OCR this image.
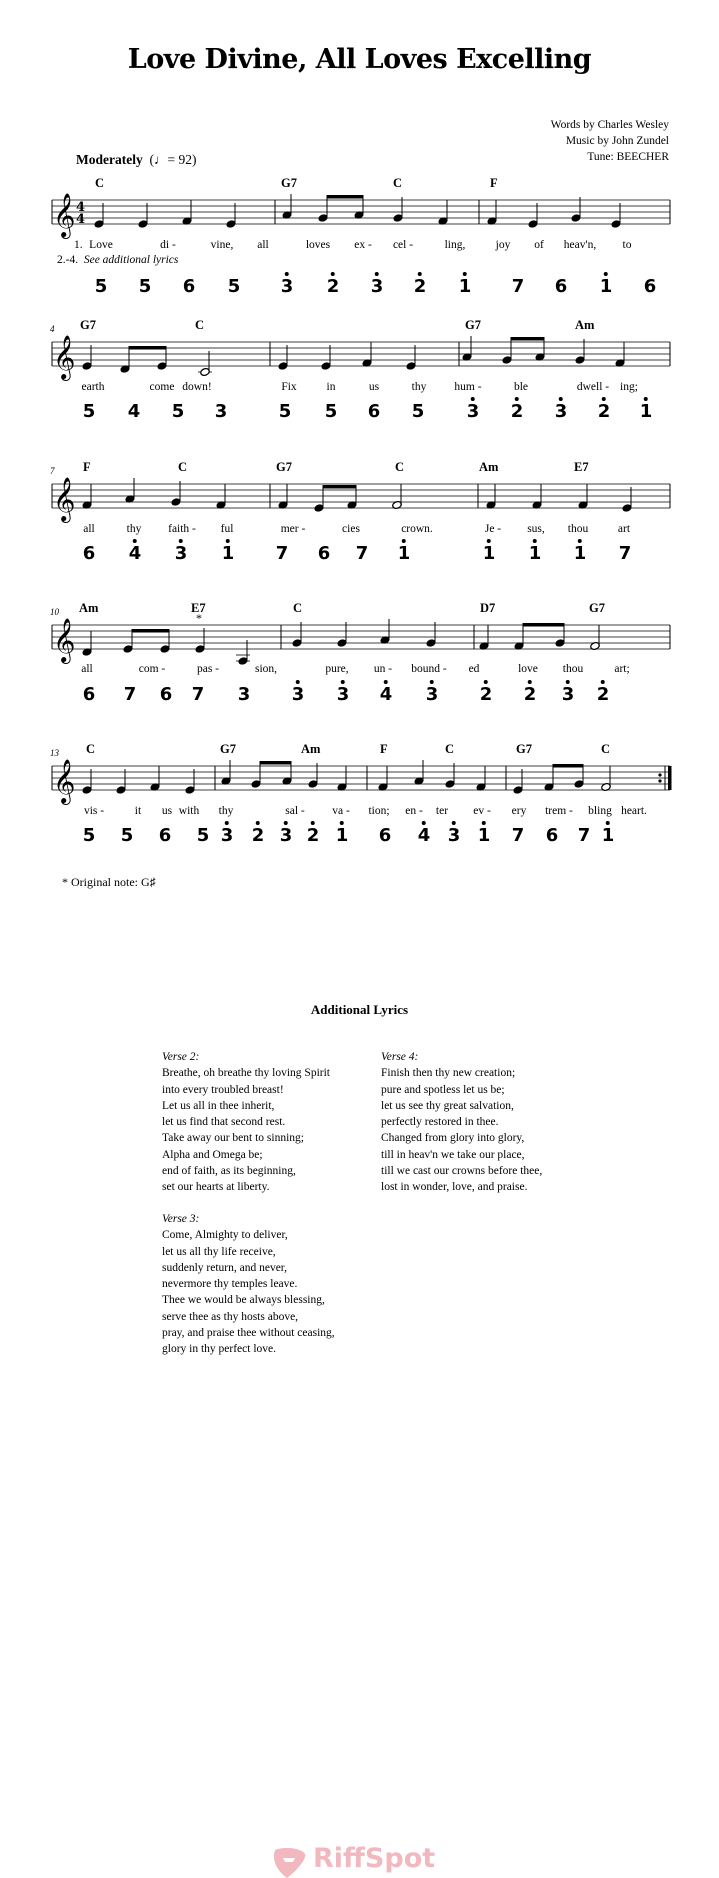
Love Divine, All Loves Excelling
Words by Charles Wesley
Music by John Zundel
Tune: BEECHER
Moderately  (♩= 92)
𝄞 4
4
𝄞
𝄞
𝄞
𝄞
C	G7	C	F
Love	di -	vine, all	loves ex - cel -	ling,	joy of heav'n, to
5 5 6 5 3 2 3 2 1 7 6 1 6
G7	C	G7	Am
earth	come down!	Fix	in	us	thy hum -	ble	dwell - ing;
5 4 5 3	5 5 6 5 3 2 3 2 1
4
F	C	G7	C	Am	E7
all	thy faith - ful	mer -	cies	crown.	Je - sus, thou	art
6 4 3 1 7 6 7 1	1 1 1 7
7
Am	E7	C	D7	G7
all	com -	pas -	sion,	pure, un - bound - ed	love thou	art;
6 7 6 7 3 3 3 4 3 2 2 3 2
10
C	G7	Am	F	C	G7	C
vis -	it us with thy	sal - va - tion; en - ter ev - ery trem - bling heart.
5 5 6 5 3 2 3 2 1 6 4 3 1 7 6 7 1
13
*
1.
2.-4. See additional lyrics
* Original note: G♯
Additional Lyrics
Verse 2:
Breathe, oh breathe thy loving Spirit
into every troubled breast!
Let us all in thee inherit,
let us find that second rest.
Take away our bent to sinning;
Alpha and Omega be;
end of faith, as its beginning,
set our hearts at liberty.
Verse 3:
Come, Almighty to deliver,
let us all thy life receive,
suddenly return, and never,
nevermore thy temples leave.
Thee we would be always blessing,
serve thee as thy hosts above,
pray, and praise thee without ceasing,
glory in thy perfect love.
Verse 4:
Finish then thy new creation;
pure and spotless let us be;
let us see thy great salvation,
perfectly restored in thee.
Changed from glory into glory,
till in heav'n we take our place,
till we cast our crowns before thee,
lost in wonder, love, and praise.
RiffSpot
